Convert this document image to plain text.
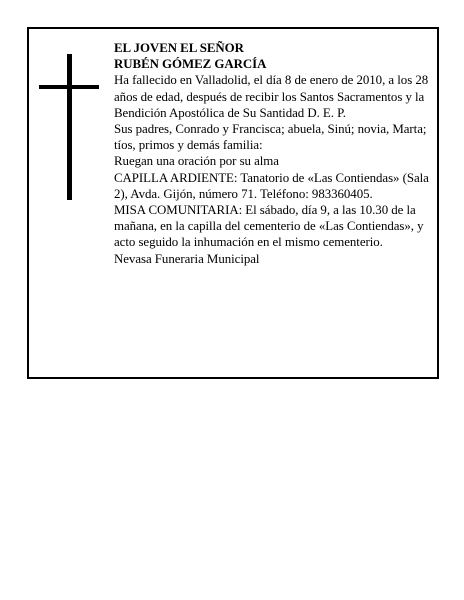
EL JOVEN EL SEÑOR

RUBÉN GÓMEZ GARCÍA

Ha fallecido en Valladolid, el día 8 de enero de 2010, a los 28 años de edad, después de recibir los Santos Sacramentos y la Bendición Apostólica de Su Santidad D. E. P.

Sus padres, Conrado y Francisca; abuela, Sinú; novia, Marta; tíos, primos y demás familia:

Ruegan una oración por su alma

CAPILLA ARDIENTE: Tanatorio de «Las Contiendas» (Sala 2), Avda. Gijón, número 71. Teléfono: 983360405.

MISA COMUNITARIA: El sábado, día 9, a las 10.30 de la mañana, en la capilla del cementerio de «Las Contiendas», y acto seguido la inhumación en el mismo cementerio.

Nevasa Funeraria Municipal
